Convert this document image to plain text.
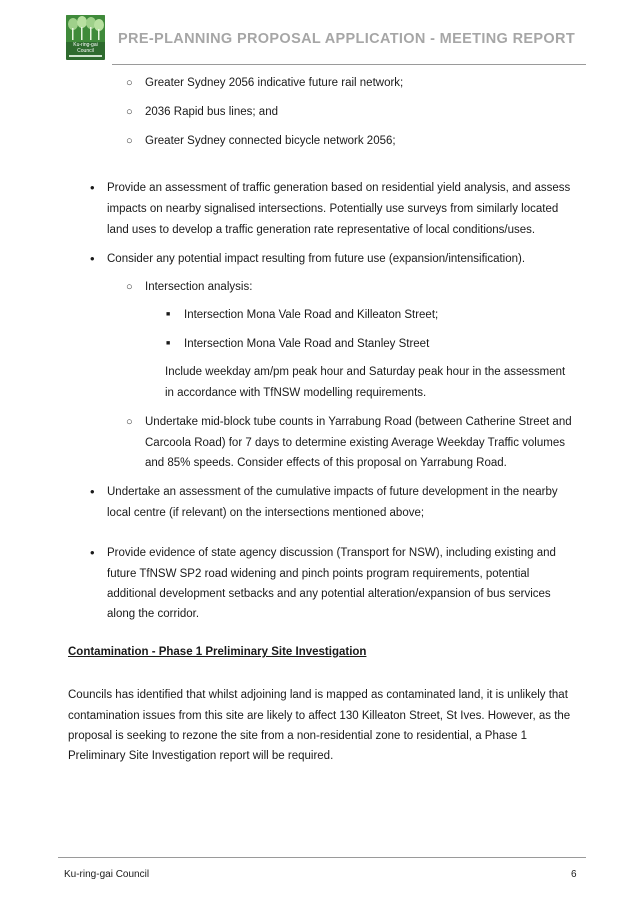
Ku-ring-gai
Council
PRE-PLANNING PROPOSAL APPLICATION - MEETING REPORT
○ Greater Sydney 2056 indicative future rail network;
○ 2036 Rapid bus lines; and
○ Greater Sydney connected bicycle network 2056;
• Provide an assessment of traffic generation based on residential yield analysis, and assess
impacts on nearby signalised intersections. Potentially use surveys from similarly located
land uses to develop a traffic generation rate representative of local conditions/uses.
• Consider any potential impact resulting from future use (expansion/intensification).
○ Intersection analysis:
■ Intersection Mona Vale Road and Killeaton Street;
■ Intersection Mona Vale Road and Stanley Street
Include weekday am/pm peak hour and Saturday peak hour in the assessment
in accordance with TfNSW modelling requirements.
○ Undertake mid-block tube counts in Yarrabung Road (between Catherine Street and
Carcoola Road) for 7 days to determine existing Average Weekday Traffic volumes
and 85% speeds. Consider effects of this proposal on Yarrabung Road.
• Undertake an assessment of the cumulative impacts of future development in the nearby
local centre (if relevant) on the intersections mentioned above;
• Provide evidence of state agency discussion (Transport for NSW), including existing and
future TfNSW SP2 road widening and pinch points program requirements, potential
additional development setbacks and any potential alteration/expansion of bus services
along the corridor.
Contamination - Phase 1 Preliminary Site Investigation
Councils has identified that whilst adjoining land is mapped as contaminated land, it is unlikely that
contamination issues from this site are likely to affect 130 Killeaton Street, St Ives. However, as the
proposal is seeking to rezone the site from a non-residential zone to residential, a Phase 1
Preliminary Site Investigation report will be required.
Ku-ring-gai Council	6
